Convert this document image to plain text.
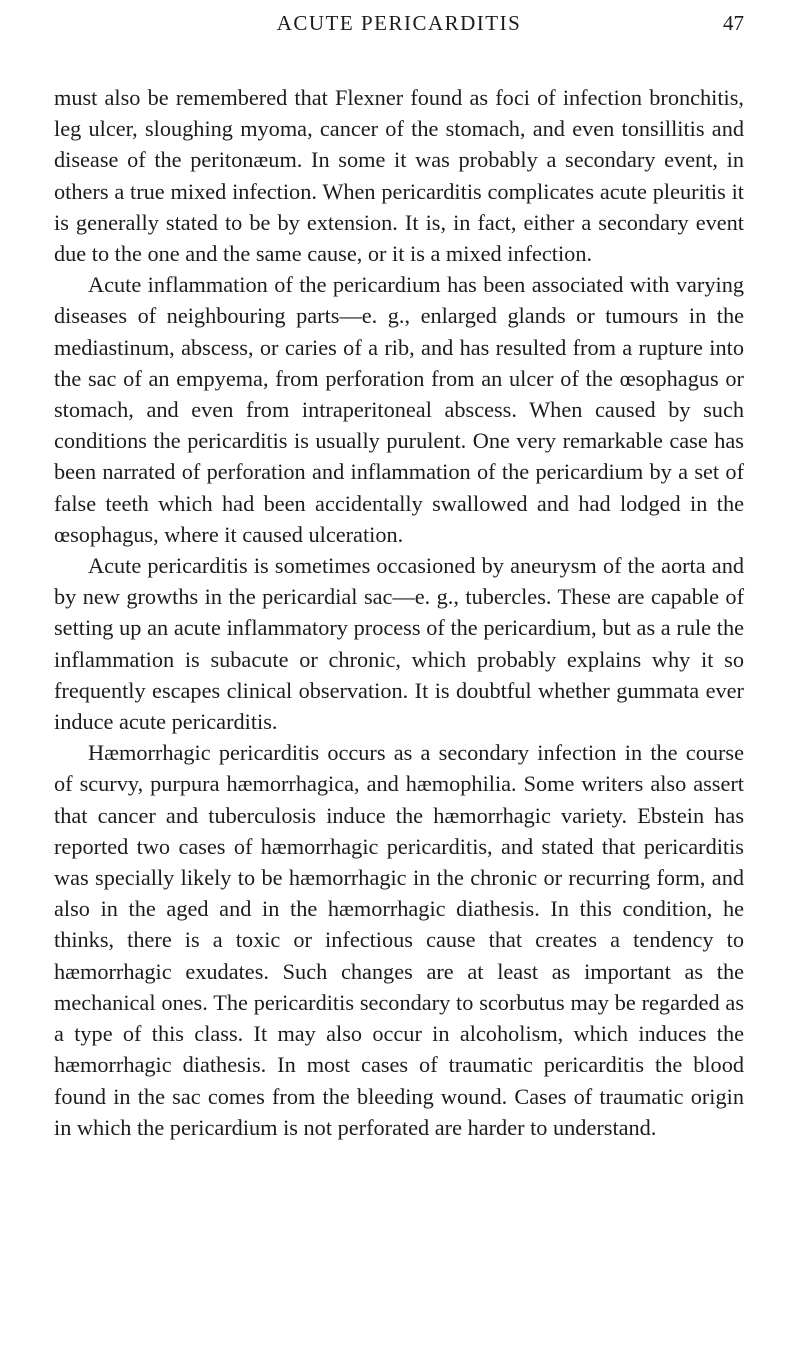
ACUTE PERICARDITIS	47

must also be remembered that Flexner found as foci of infection bronchitis, leg ulcer, sloughing myoma, cancer of the stomach, and even tonsillitis and disease of the peritonæum. In some it was probably a secondary event, in others a true mixed infection. When pericarditis complicates acute pleuritis it is generally stated to be by extension. It is, in fact, either a secondary event due to the one and the same cause, or it is a mixed infection.

Acute inflammation of the pericardium has been associated with varying diseases of neighbouring parts—e. g., enlarged glands or tumours in the mediastinum, abscess, or caries of a rib, and has resulted from a rupture into the sac of an empyema, from perforation from an ulcer of the œsophagus or stomach, and even from intraperitoneal abscess. When caused by such conditions the pericarditis is usually purulent. One very remarkable case has been narrated of perforation and inflammation of the pericardium by a set of false teeth which had been accidentally swallowed and had lodged in the œsophagus, where it caused ulceration.

Acute pericarditis is sometimes occasioned by aneurysm of the aorta and by new growths in the pericardial sac—e. g., tubercles. These are capable of setting up an acute inflammatory process of the pericardium, but as a rule the inflammation is subacute or chronic, which probably explains why it so frequently escapes clinical observation. It is doubtful whether gummata ever induce acute pericarditis.

Hæmorrhagic pericarditis occurs as a secondary infection in the course of scurvy, purpura hæmorrhagica, and hæmophilia. Some writers also assert that cancer and tuberculosis induce the hæmorrhagic variety. Ebstein has reported two cases of hæmorrhagic pericarditis, and stated that pericarditis was specially likely to be hæmorrhagic in the chronic or recurring form, and also in the aged and in the hæmorrhagic diathesis. In this condition, he thinks, there is a toxic or infectious cause that creates a tendency to hæmorrhagic exudates. Such changes are at least as important as the mechanical ones. The pericarditis secondary to scorbutus may be regarded as a type of this class. It may also occur in alcoholism, which induces the hæmorrhagic diathesis. In most cases of traumatic pericarditis the blood found in the sac comes from the bleeding wound. Cases of traumatic origin in which the pericardium is not perforated are harder to understand.
